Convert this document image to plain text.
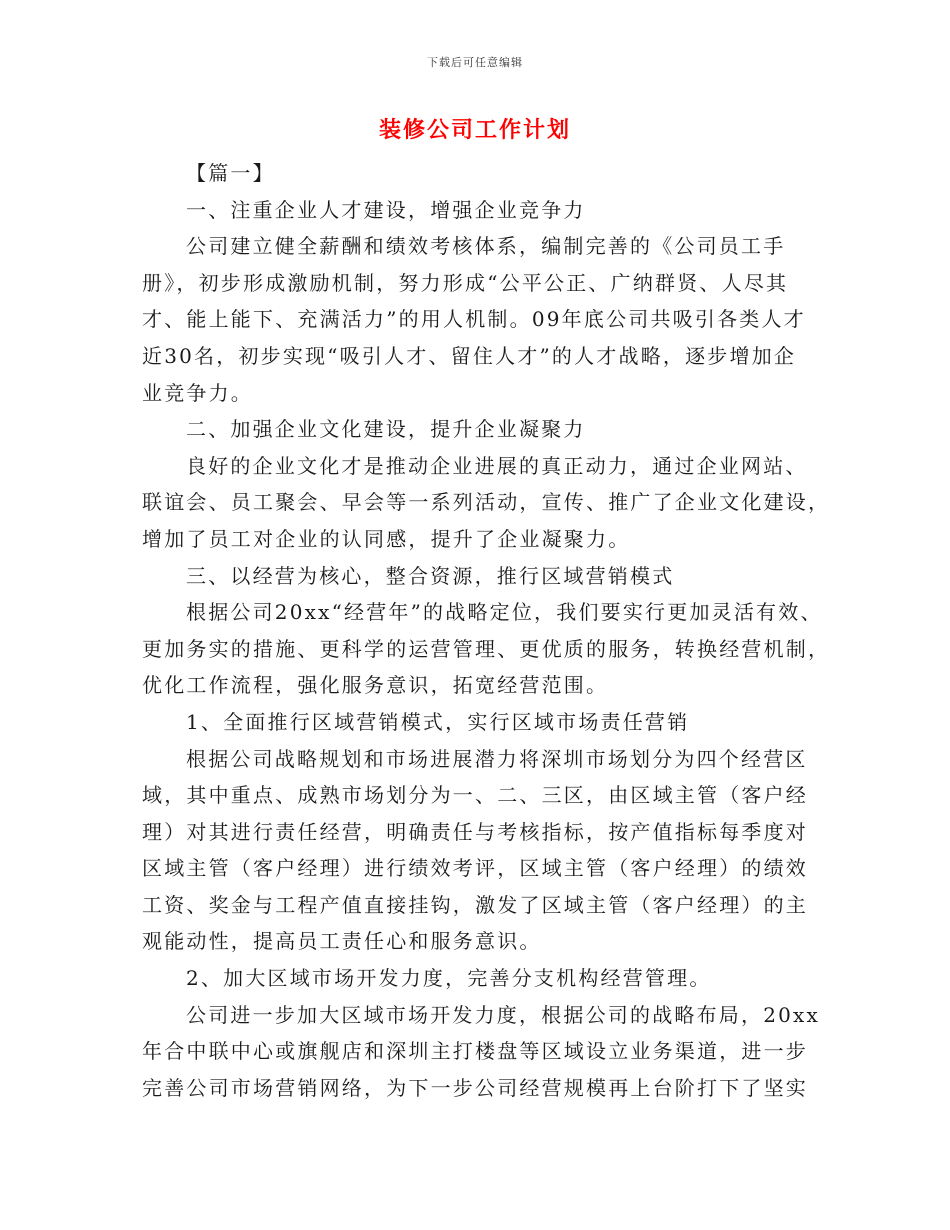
下载后可任意编辑
装修公司工作计划

【篇一】

一、注重企业人才建设，增强企业竞争力

公司建立健全薪酬和绩效考核体系，编制完善的《公司员工手

册》，初步形成激励机制，努力形成“公平公正、广纳群贤、人尽其

才、能上能下、充满活力”的用人机制。09年底公司共吸引各类人才

近30名，初步实现“吸引人才、留住人才”的人才战略，逐步增加企

业竞争力。

二、加强企业文化建设，提升企业凝聚力

良好的企业文化才是推动企业进展的真正动力，通过企业网站、

联谊会、员工聚会、早会等一系列活动，宣传、推广了企业文化建设，

增加了员工对企业的认同感，提升了企业凝聚力。

三、以经营为核心，整合资源，推行区域营销模式

根据公司20xx“经营年”的战略定位，我们要实行更加灵活有效、

更加务实的措施、更科学的运营管理、更优质的服务，转换经营机制，

优化工作流程，强化服务意识，拓宽经营范围。

1、全面推行区域营销模式，实行区域市场责任营销

根据公司战略规划和市场进展潜力将深圳市场划分为四个经营区

域，其中重点、成熟市场划分为一、二、三区，由区域主管（客户经

理）对其进行责任经营，明确责任与考核指标，按产值指标每季度对

区域主管（客户经理）进行绩效考评，区域主管（客户经理）的绩效

工资、奖金与工程产值直接挂钩，激发了区域主管（客户经理）的主

观能动性，提高员工责任心和服务意识。

2、加大区域市场开发力度，完善分支机构经营管理。

公司进一步加大区域市场开发力度，根据公司的战略布局，20xx

年合中联中心或旗舰店和深圳主打楼盘等区域设立业务渠道，进一步

完善公司市场营销网络，为下一步公司经营规模再上台阶打下了坚实
